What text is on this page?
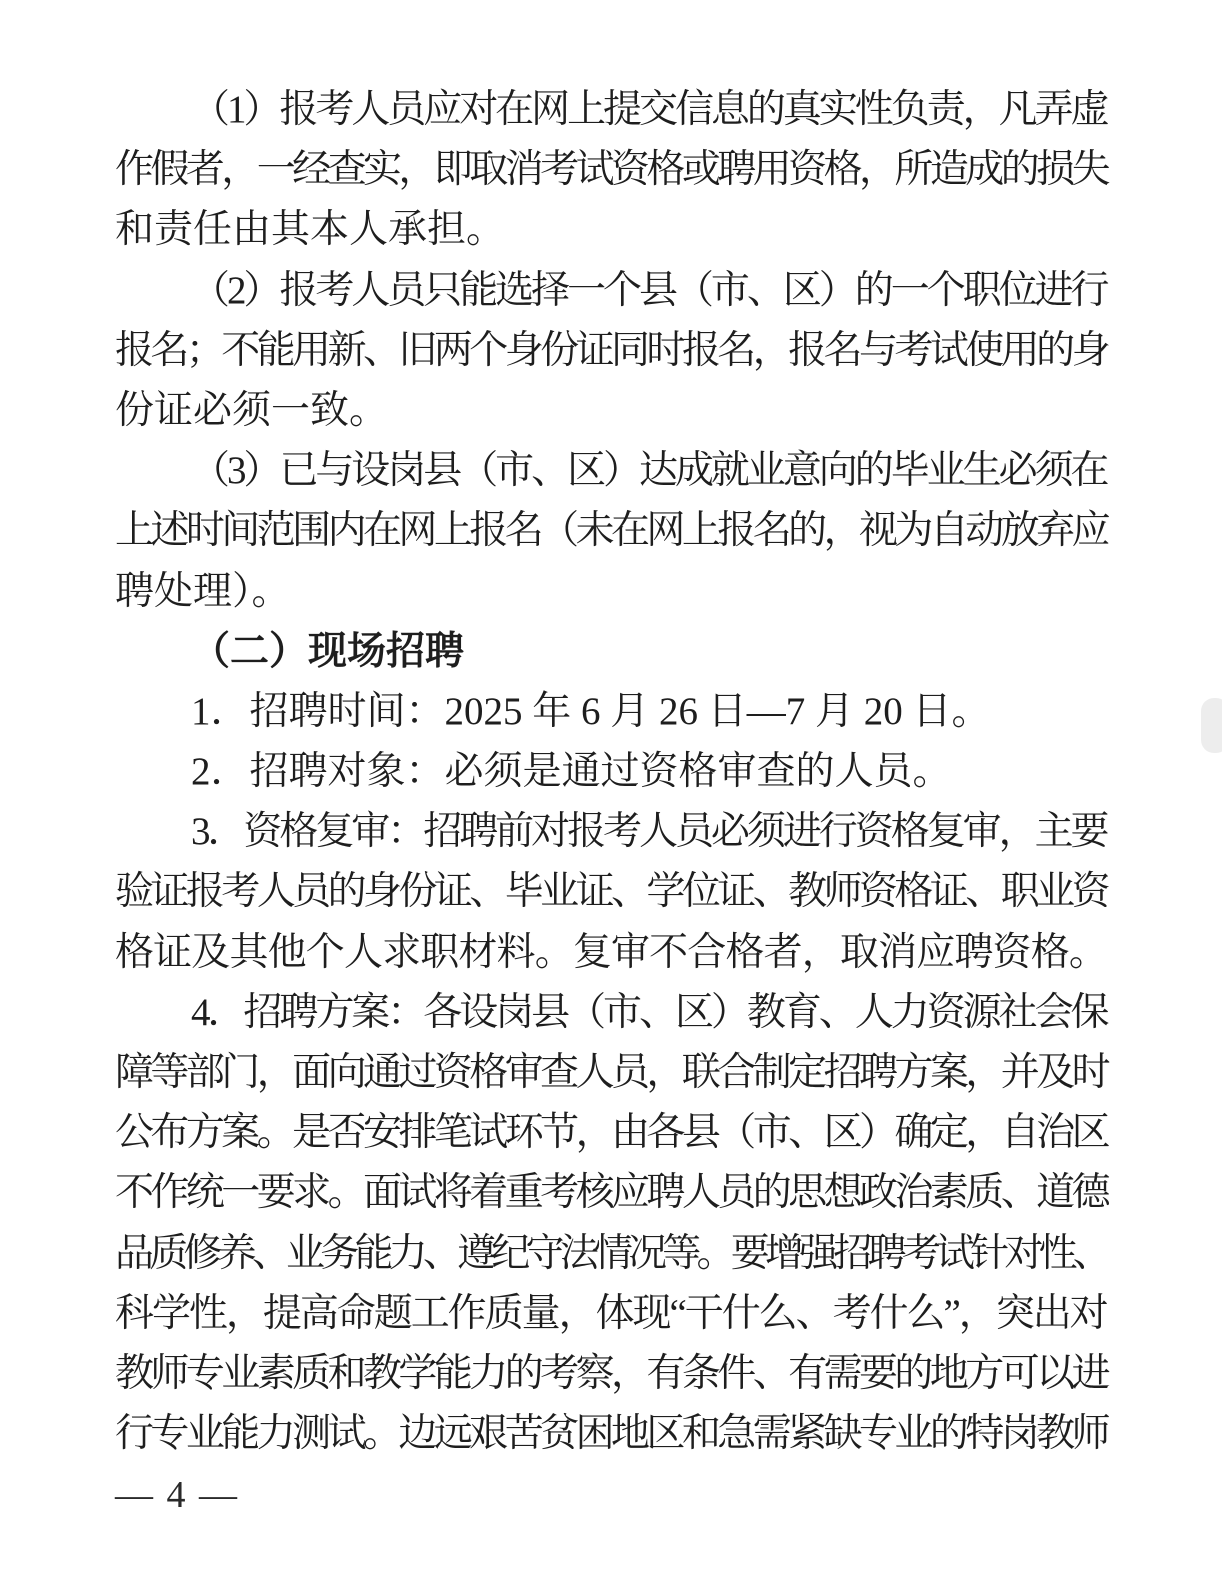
（1）报考人员应对在网上提交信息的真实性负责，凡弄虚
作假者，一经查实，即取消考试资格或聘用资格，所造成的损失
和责任由其本人承担。
（2）报考人员只能选择一个县（市、区）的一个职位进行
报名；不能用新、旧两个身份证同时报名，报名与考试使用的身
份证必须一致。
（3）已与设岗县（市、区）达成就业意向的毕业生必须在
上述时间范围内在网上报名（未在网上报名的，视为自动放弃应
聘处理）。
（二）现场招聘
1．招聘时间：2025 年 6 月 26 日—7 月 20 日。
2．招聘对象：必须是通过资格审查的人员。
3．资格复审：招聘前对报考人员必须进行资格复审，主要
验证报考人员的身份证、毕业证、学位证、教师资格证、职业资
格证及其他个人求职材料。复审不合格者，取消应聘资格。
4．招聘方案：各设岗县（市、区）教育、人力资源社会保
障等部门，面向通过资格审查人员，联合制定招聘方案，并及时
公布方案。是否安排笔试环节，由各县（市、区）确定，自治区
不作统一要求。面试将着重考核应聘人员的思想政治素质、道德
品质修养、业务能力、遵纪守法情况等。要增强招聘考试针对性、
科学性，提高命题工作质量，体现“干什么、考什么”，突出对
教师专业素质和教学能力的考察，有条件、有需要的地方可以进
行专业能力测试。边远艰苦贫困地区和急需紧缺专业的特岗教师
— 4 —
